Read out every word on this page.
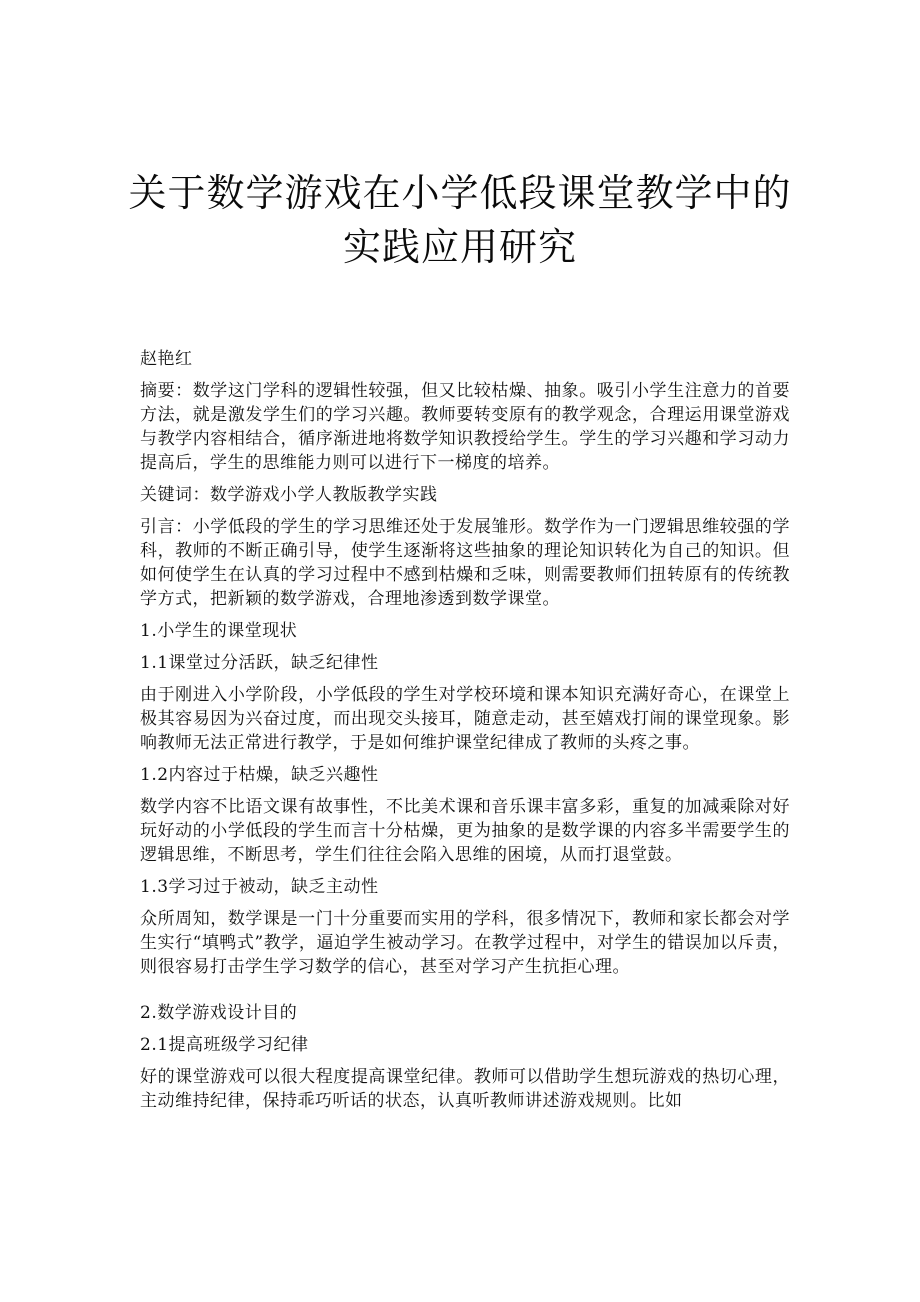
关于数学游戏在小学低段课堂教学中的
实践应用研究

赵艳红

摘要：数学这门学科的逻辑性较强，但又比较枯燥、抽象。吸引小学生注意力的首要方法，就是激发学生们的学习兴趣。教师要转变原有的教学观念，合理运用课堂游戏与教学内容相结合，循序渐进地将数学知识教授给学生。学生的学习兴趣和学习动力提高后，学生的思维能力则可以进行下一梯度的培养。

关键词：数学游戏小学人教版教学实践

引言：小学低段的学生的学习思维还处于发展雏形。数学作为一门逻辑思维较强的学科，教师的不断正确引导，使学生逐渐将这些抽象的理论知识转化为自己的知识。但如何使学生在认真的学习过程中不感到枯燥和乏味，则需要教师们扭转原有的传统教学方式，把新颖的数学游戏，合理地渗透到数学课堂。

1.小学生的课堂现状

1.1课堂过分活跃，缺乏纪律性

由于刚进入小学阶段，小学低段的学生对学校环境和课本知识充满好奇心，在课堂上极其容易因为兴奋过度，而出现交头接耳，随意走动，甚至嬉戏打闹的课堂现象。影响教师无法正常进行教学，于是如何维护课堂纪律成了教师的头疼之事。

1.2内容过于枯燥，缺乏兴趣性

数学内容不比语文课有故事性，不比美术课和音乐课丰富多彩，重复的加减乘除对好玩好动的小学低段的学生而言十分枯燥，更为抽象的是数学课的内容多半需要学生的逻辑思维，不断思考，学生们往往会陷入思维的困境，从而打退堂鼓。

1.3学习过于被动，缺乏主动性

众所周知，数学课是一门十分重要而实用的学科，很多情况下，教师和家长都会对学生实行“填鸭式”教学，逼迫学生被动学习。在教学过程中，对学生的错误加以斥责，则很容易打击学生学习数学的信心，甚至对学习产生抗拒心理。

2.数学游戏设计目的

2.1提高班级学习纪律

好的课堂游戏可以很大程度提高课堂纪律。教师可以借助学生想玩游戏的热切心理，主动维持纪律，保持乖巧听话的状态，认真听教师讲述游戏规则。比如
